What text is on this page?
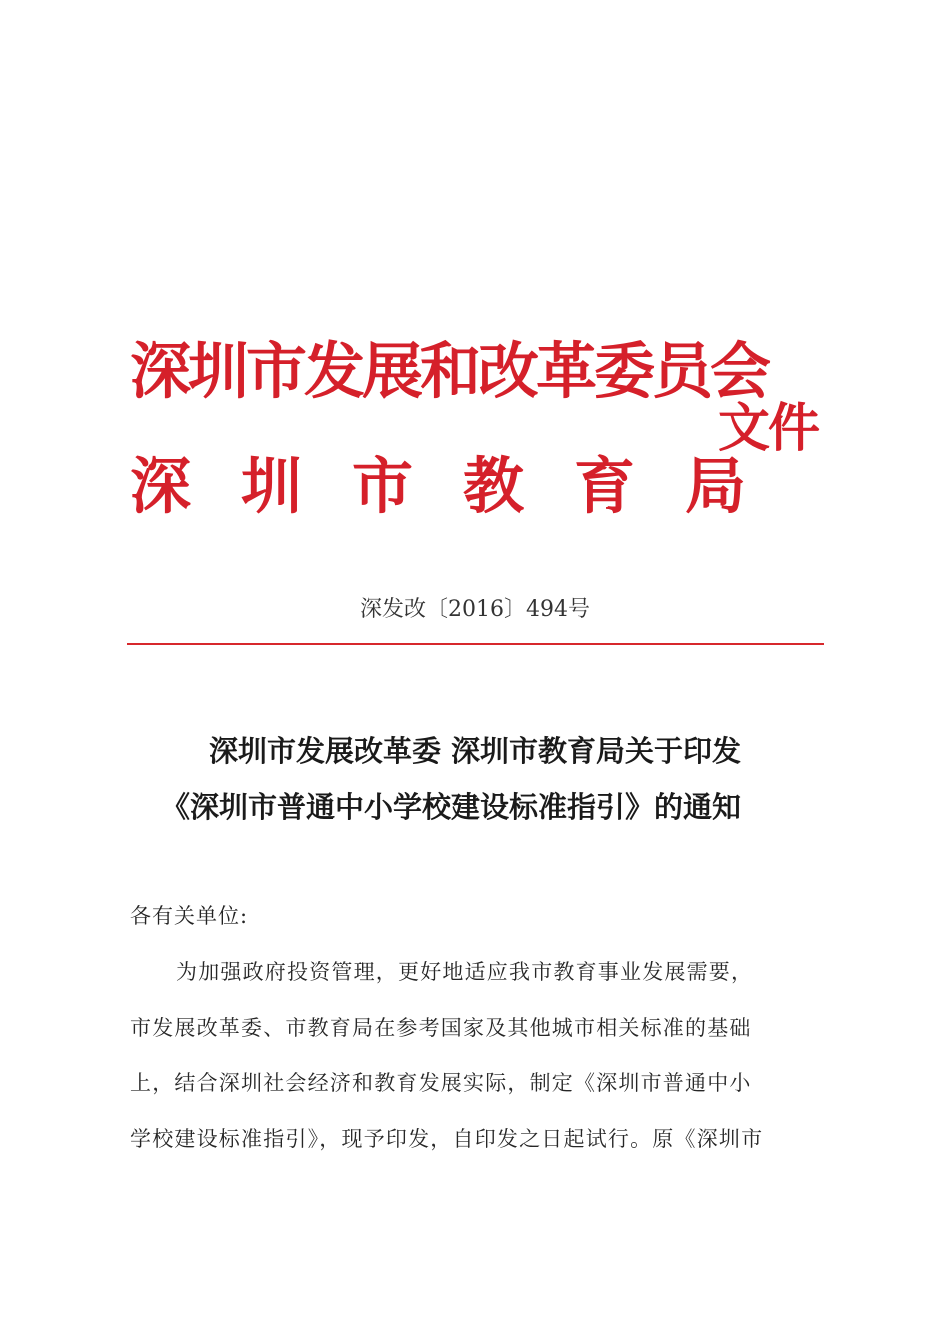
深圳市发展和改革委员会
深圳市教育局
文件
深发改〔2016〕494号
深圳市发展改革委 深圳市教育局关于印发
《深圳市普通中小学校建设标准指引》的通知
各有关单位:
为加强政府投资管理，更好地适应我市教育事业发展需要，
市发展改革委、市教育局在参考国家及其他城市相关标准的基础
上，结合深圳社会经济和教育发展实际，制定《深圳市普通中小
学校建设标准指引》，现予印发，自印发之日起试行。原《深圳市
